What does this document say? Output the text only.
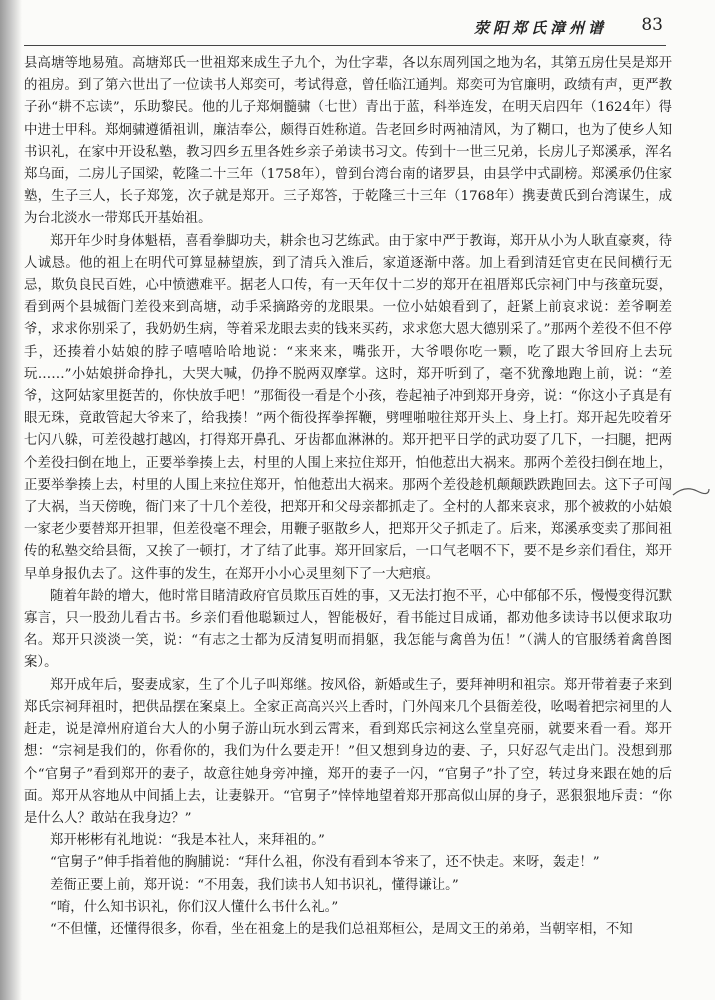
荥阳郑氏漳州谱 83

县高塘等地易殖。高塘郑氏一世祖郑来成生子九个，为仕字辈，各以东周列国之地为名，其第五房仕吴是郑开的祖房。到了第六世出了一位读书人郑奕可，考试得意，曾任临江通判。郑奕可为官廉明，政绩有声，更严教子孙“耕不忘读”，乐助黎民。他的儿子郑炯髓骕（七世）青出于蓝，科举连发，在明天启四年（1624年）得中进士甲科。郑炯骕遵循祖训，廉洁奉公，颇得百姓称道。告老回乡时两袖清风，为了糊口，也为了使乡人知书识礼，在家中开设私塾，教习四乡五里各姓乡亲子弟读书习文。传到十一世三兄弟，长房儿子郑溪承，浑名郑乌面，二房儿子国梁，乾隆二十三年（1758年），曾到台湾台南的诸罗县，由县学中式副榜。郑溪承仍住家塾，生子三人，长子郑笼，次子就是郑开。三子郑答，于乾隆三十三年（1768年）携妻黄氏到台湾谋生，成为台北淡水一带郑氏开基始祖。

郑开年少时身体魁梧，喜看拳脚功夫，耕余也习艺练武。由于家中严于教诲，郑开从小为人耿直豪爽，待人诚恳。他的祖上在明代可算显赫望族，到了清兵入淮后，家道逐渐中落。加上看到清廷官吏在民间横行无忌，欺负良民百姓，心中愤懑难平。据老人口传，有一天年仅十二岁的郑开在祖厝郑氏宗祠门中与孩童玩耍，看到两个县城衙门差役来到高塘，动手采摘路旁的龙眼果。一位小姑娘看到了，赶紧上前哀求说：差爷啊差爷，求求你别采了，我奶奶生病，等着采龙眼去卖的钱来买药，求求您大恩大德别采了。”那两个差役不但不停手，还揍着小姑娘的脖子嘻嘻哈哈地说：“来来来，嘴张开，大爷喂你吃一颗，吃了跟大爷回府上去玩玩……”小姑娘拼命挣扎，大哭大喊，仍挣不脱两双摩掌。这时，郑开听到了，毫不犹豫地跑上前，说：“差爷，这阿姑家里挺苦的，你快放手吧！”那衙役一看是个小孩，卷起袖子冲到郑开身旁，说：“你这小子真是有眼无珠，竟敢管起大爷来了，给我揍！”两个衙役挥拳挥鞭，劈哩啪啦往郑开头上、身上打。郑开起先咬着牙七闪八躲，可差役越打越凶，打得郑开鼻孔、牙齿都血淋淋的。郑开把平日学的武功耍了几下，一扫腿，把两个差役扫倒在地上，正要举拳揍上去，村里的人围上来拉住郑开，怕他惹出大祸来。那两个差役扫倒在地上，正要举拳揍上去，村里的人围上来拉住郑开，怕他惹出大祸来。那两个差役趁机颠颠跌跌跑回去。这下子可闯了大祸，当天傍晚，衙门来了十几个差役，把郑开和父母亲都抓走了。全村的人都来哀求，那个被救的小姑娘一家老少要替郑开担罪，但差役毫不理会，用鞭子驱散乡人，把郑开父子抓走了。后来，郑溪承变卖了那间祖传的私塾交给县衙，又挨了一顿打，才了结了此事。郑开回家后，一口气老咽不下，要不是乡亲们看住，郑开早单身报仇去了。这件事的发生，在郑开小小心灵里刻下了一大疤痕。

随着年龄的增大，他时常目睹清政府官员欺压百姓的事，又无法打抱不平，心中郁郁不乐，慢慢变得沉默寡言，只一股劲儿看古书。乡亲们看他聪颖过人，智能极好，看书能过目成诵，都劝他多读诗书以便求取功名。郑开只淡淡一笑，说：“有志之士都为反清复明而捐躯，我怎能与禽兽为伍！”（满人的官服绣着禽兽图案）。

郑开成年后，娶妻成家，生了个儿子叫郑继。按风俗，新婚或生子，要拜神明和祖宗。郑开带着妻子来到郑氏宗祠拜祖时，把供品摆在案桌上。全家正高高兴兴上香时，门外闯来几个县衙差役，吆喝着把宗祠里的人赶走，说是漳州府道台大人的小舅子游山玩水到云霄来，看到郑氏宗祠这么堂皇亮丽，就要来看一看。郑开想：“宗祠是我们的，你看你的，我们为什么要走开！”但又想到身边的妻、子，只好忍气走出门。没想到那个“官舅子”看到郑开的妻子，故意往她身旁冲撞，郑开的妻子一闪，“官舅子”扑了空，转过身来跟在她的后面。郑开从容地从中间插上去，让妻躲开。“官舅子”悻悻地望着郑开那高似山屏的身子，恶狠狠地斥责：“你是什么人？敢站在我身边？”

郑开彬彬有礼地说：“我是本社人，来拜祖的。”

“官舅子”伸手指着他的胸脯说：“拜什么祖，你没有看到本爷来了，还不快走。来呀，轰走！”

差衙正要上前，郑开说：“不用轰，我们读书人知书识礼，懂得谦让。”

“唷，什么知书识礼，你们汉人懂什么书什么礼。”

“不但懂，还懂得很多，你看，坐在祖龛上的是我们总祖郑桓公，是周文王的弟弟，当朝宰相，不知
